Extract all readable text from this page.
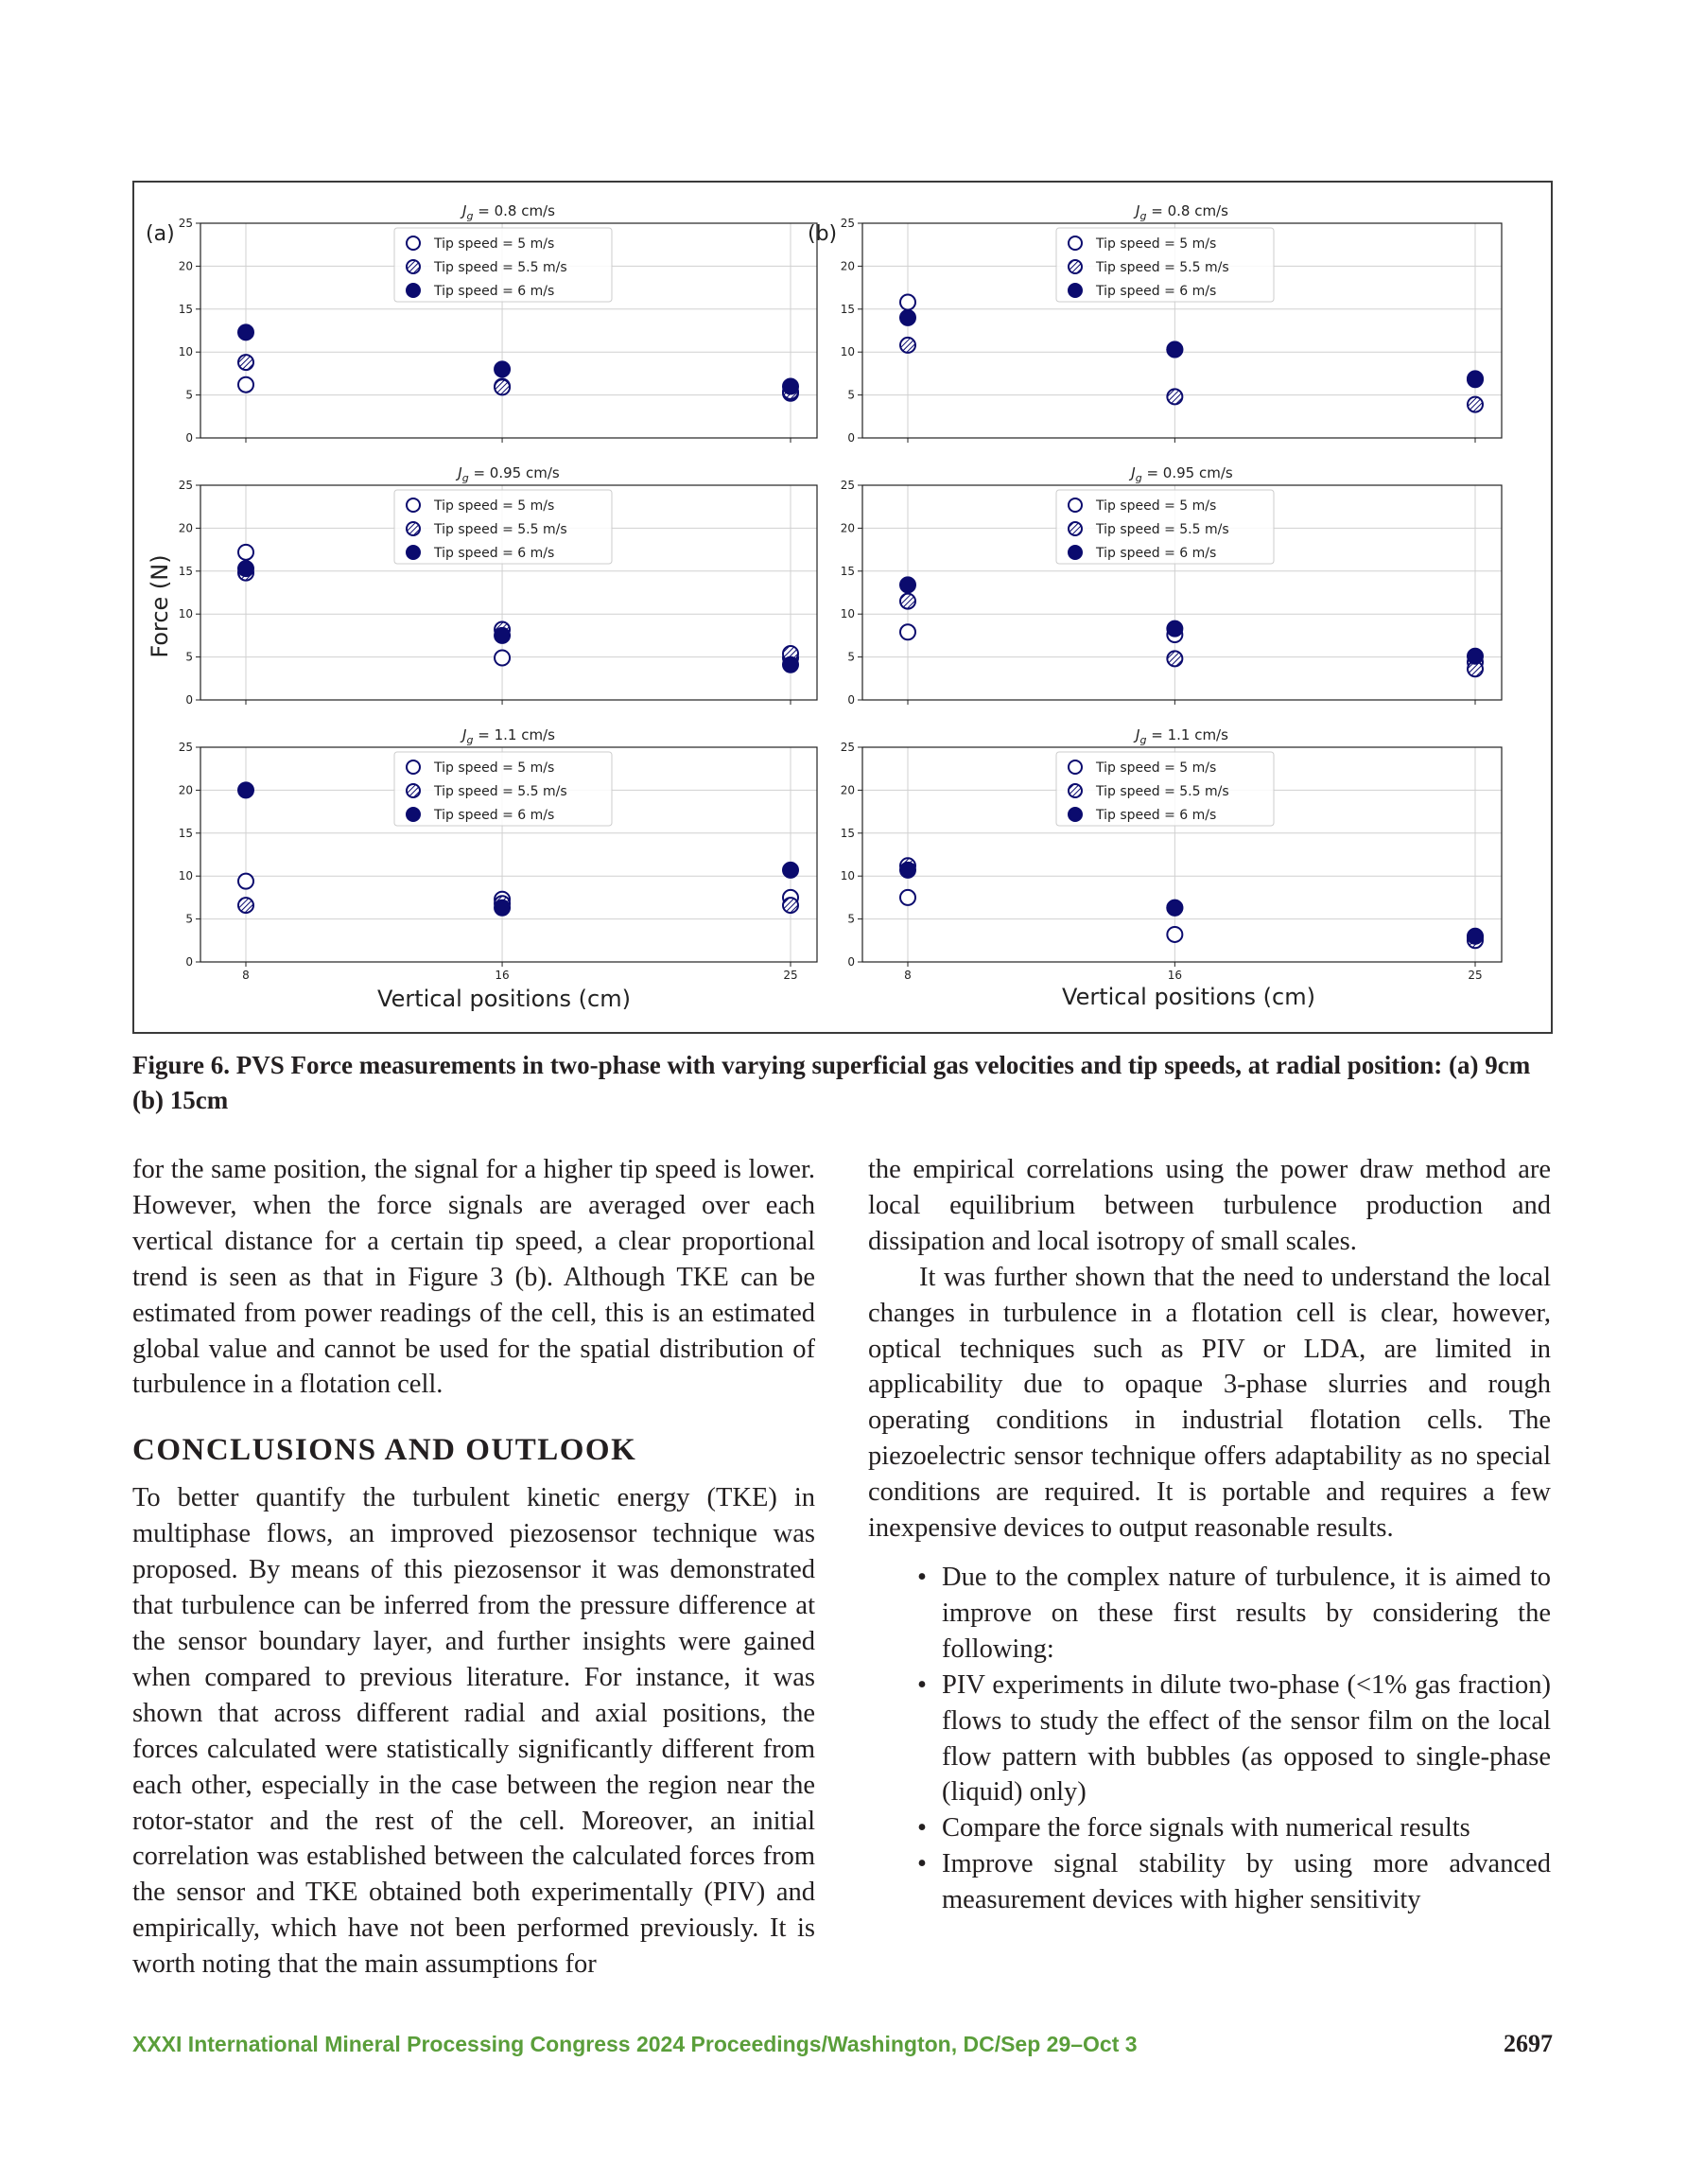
0
5
10
15
20
25
$J_g = 0.8$ cm/s
(a)	Tip speed = 5 m/s
Tip speed = 5.5 m/s
Tip speed = 6 m/s
0
5
10
15
20
25
$J_g = 0.8$ cm/s
(b)	Tip speed = 5 m/s
Tip speed = 5.5 m/s
Tip speed = 6 m/s
0
5
10
15
20
25
$J_g = 0.95$ cm/s
Tip speed = 5 m/s
Tip speed = 5.5 m/s
Tip speed = 6 m/s
0
5
10
15
20
25
$J_g = 0.95$ cm/s
Tip speed = 5 m/s
Tip speed = 5.5 m/s
Tip speed = 6 m/s
0
5
10
15
20
25
8	16	25
$J_g = 1.1$ cm/s
Tip speed = 5 m/s
Tip speed = 5.5 m/s
Tip speed = 6 m/s
0
5
10
15
20
25
8	16	25
$J_g = 1.1$ cm/s
Tip speed = 5 m/s
Tip speed = 5.5 m/s
Tip speed = 6 m/s
Force (N)
Vertical positions (cm)	Vertical positions (cm)
Figure 6. PVS Force measurements in two-phase with varying superficial gas velocities and tip speeds, at radial position: (a) 9cm (b) 15cm

for the same position, the signal for a higher tip speed is lower. However, when the force signals are averaged over each vertical distance for a certain tip speed, a clear proportional trend is seen as that in Figure 3 (b). Although TKE can be estimated from power readings of the cell, this is an estimated global value and cannot be used for the spatial distribution of turbulence in a flotation cell.

CONCLUSIONS AND OUTLOOK

To better quantify the turbulent kinetic energy (TKE) in multiphase flows, an improved piezosensor technique was proposed. By means of this piezosensor it was demonstrated that turbulence can be inferred from the pressure difference at the sensor boundary layer, and further insights were gained when compared to previous literature. For instance, it was shown that across different radial and axial positions, the forces calculated were statistically significantly different from each other, especially in the case between the region near the rotor-stator and the rest of the cell. Moreover, an initial correlation was established between the calculated forces from the sensor and TKE obtained both experimentally (PIV) and empirically, which have not been performed previously. It is worth noting that the main assumptions for

the empirical correlations using the power draw method are local equilibrium between turbulence production and dissipation and local isotropy of small scales.

It was further shown that the need to understand the local changes in turbulence in a flotation cell is clear, however, optical techniques such as PIV or LDA, are limited in applicability due to opaque 3-phase slurries and rough operating conditions in industrial flotation cells. The piezoelectric sensor technique offers adaptability as no special conditions are required. It is portable and requires a few inexpensive devices to output reasonable results.

• Due to the complex nature of turbulence, it is aimed to improve on these first results by considering the following:
• PIV experiments in dilute two-phase (<1% gas fraction) flows to study the effect of the sensor film on the local flow pattern with bubbles (as opposed to single-phase (liquid) only)
• Compare the force signals with numerical results
• Improve signal stability by using more advanced measurement devices with higher sensitivity
XXXI International Mineral Processing Congress 2024 Proceedings/Washington, DC/Sep 29–Oct 3	2697
